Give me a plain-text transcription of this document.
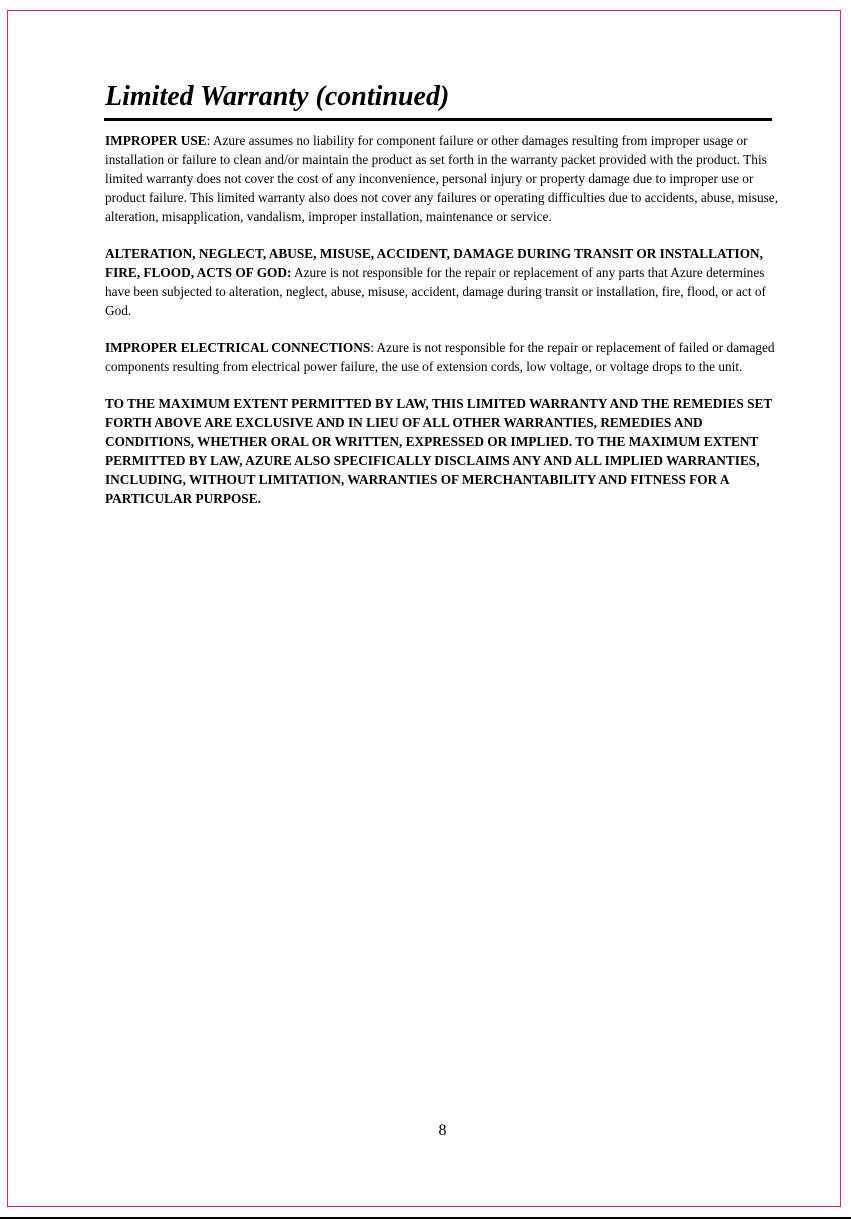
Limited Warranty (continued)

IMPROPER USE: Azure assumes no liability for component failure or other damages resulting from improper usage or installation or failure to clean and/or maintain the product as set forth in the warranty packet provided with the product. This limited warranty does not cover the cost of any inconvenience, personal injury or property damage due to improper use or product failure. This limited warranty also does not cover any failures or operating difficulties due to accidents, abuse, misuse, alteration, misapplication, vandalism, improper installation, maintenance or service.

ALTERATION, NEGLECT, ABUSE, MISUSE, ACCIDENT, DAMAGE DURING TRANSIT OR INSTALLATION, FIRE, FLOOD, ACTS OF GOD: Azure is not responsible for the repair or replacement of any parts that Azure determines have been subjected to alteration, neglect, abuse, misuse, accident, damage during transit or installation, fire, flood, or act of God.

IMPROPER ELECTRICAL CONNECTIONS: Azure is not responsible for the repair or replacement of failed or damaged components resulting from electrical power failure, the use of extension cords, low voltage, or voltage drops to the unit.

TO THE MAXIMUM EXTENT PERMITTED BY LAW, THIS LIMITED WARRANTY AND THE REMEDIES SET FORTH ABOVE ARE EXCLUSIVE AND IN LIEU OF ALL OTHER WARRANTIES, REMEDIES AND CONDITIONS, WHETHER ORAL OR WRITTEN, EXPRESSED OR IMPLIED. TO THE MAXIMUM EXTENT PERMITTED BY LAW, AZURE ALSO SPECIFICALLY DISCLAIMS ANY AND ALL IMPLIED WARRANTIES, INCLUDING, WITHOUT LIMITATION, WARRANTIES OF MERCHANTABILITY AND FITNESS FOR A PARTICULAR PURPOSE.

8
